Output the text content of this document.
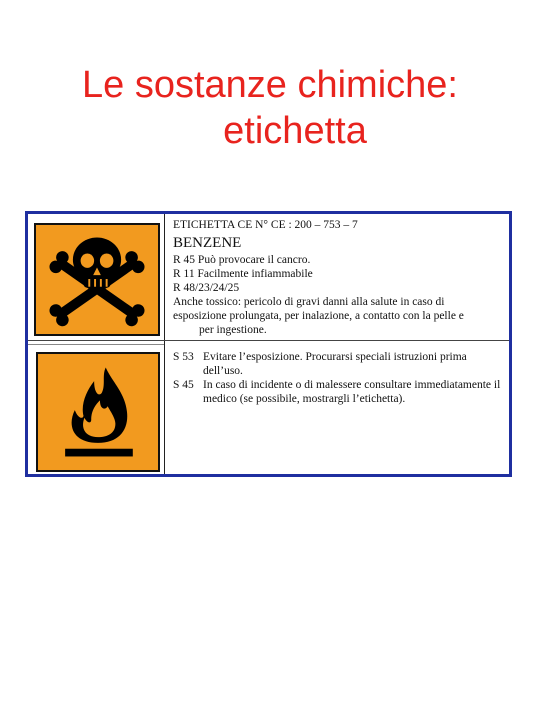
Le sostanze chimiche:
etichetta
ETICHETTA CE N° CE : 200 – 753 – 7
BENZENE
R 45 Può provocare il cancro.
R 11 Facilmente infiammabile
R 48/23/24/25
Anche tossico: pericolo di gravi danni alla salute in caso di
esposizione prolungata, per inalazione, a contatto con la pelle e
per ingestione.
S 53 Evitare l’esposizione. Procurarsi speciali istruzioni prima dell’uso.
S 45 In caso di incidente o di malessere consultare immediatamente il medico (se possibile, mostrargli l’etichetta).
